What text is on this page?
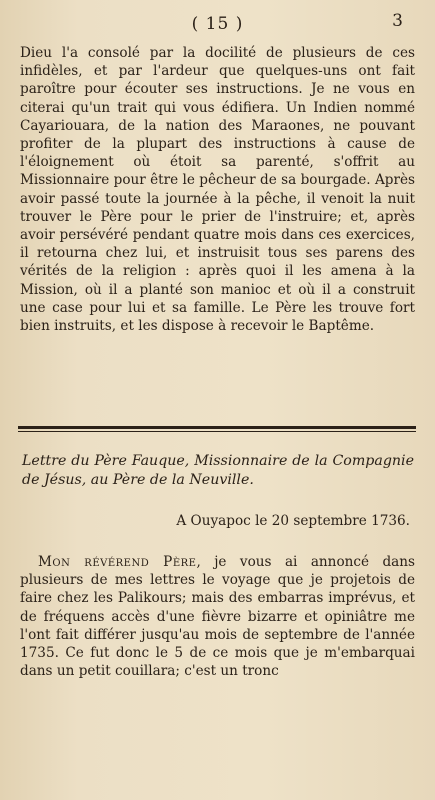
( 15 )	3

Dieu l'a consolé par la docilité de plusieurs de ces infidèles, et par l'ardeur que quelques-uns ont fait paroître pour écouter ses instructions. Je ne vous en citerai qu'un trait qui vous édifiera. Un Indien nommé Cayariouara, de la nation des Maraones, ne pouvant profiter de la plupart des instructions à cause de l'éloignement où étoit sa parenté, s'offrit au Missionnaire pour être le pêcheur de sa bourgade. Après avoir passé toute la journée à la pêche, il venoit la nuit trouver le Père pour le prier de l'instruire; et, après avoir persévéré pendant quatre mois dans ces exercices, il retourna chez lui, et instruisit tous ses parens des vérités de la religion : après quoi il les amena à la Mission, où il a planté son manioc et où il a construit une case pour lui et sa famille. Le Père les trouve fort bien instruits, et les dispose à recevoir le Baptême.

Lettre du Père Fauque, Missionnaire de la Compagnie de Jésus, au Père de la Neuville.

A Ouyapoc le 20 septembre 1736.

Mon révérend Père, je vous ai annoncé dans plusieurs de mes lettres le voyage que je projetois de faire chez les Palikours; mais des embarras imprévus, et de fréquens accès d'une fièvre bizarre et opiniâtre me l'ont fait différer jusqu'au mois de septembre de l'année 1735. Ce fut donc le 5 de ce mois que je m'embarquai dans un petit couillara; c'est un tronc
